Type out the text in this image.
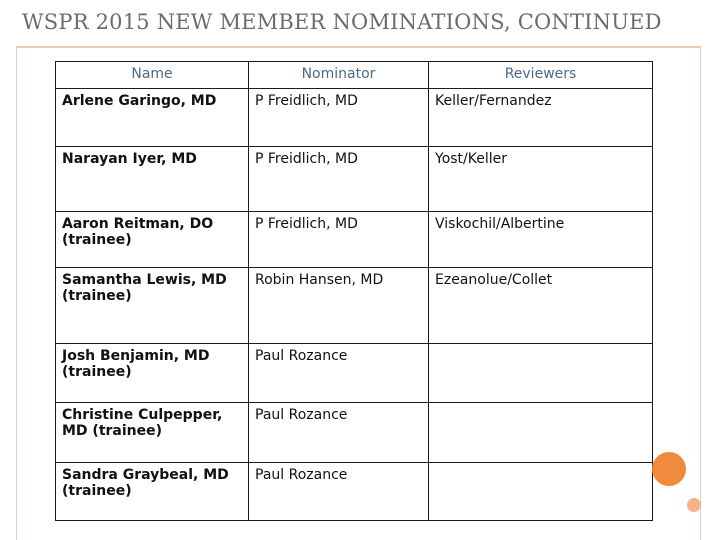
WSPR 2015 NEW MEMBER NOMINATIONS, CONTINUED
Name	Nominator	Reviewers
Arlene Garingo, MD	P Freidlich, MD	Keller/Fernandez
Narayan Iyer, MD	P Freidlich, MD	Yost/Keller
Aaron Reitman, DO (trainee)	P Freidlich, MD	Viskochil/Albertine
Samantha Lewis, MD (trainee)	Robin Hansen, MD	Ezeanolue/Collet
Josh Benjamin, MD (trainee)	Paul Rozance	
Christine Culpepper, MD (trainee)	Paul Rozance	
Sandra Graybeal, MD (trainee)	Paul Rozance	
